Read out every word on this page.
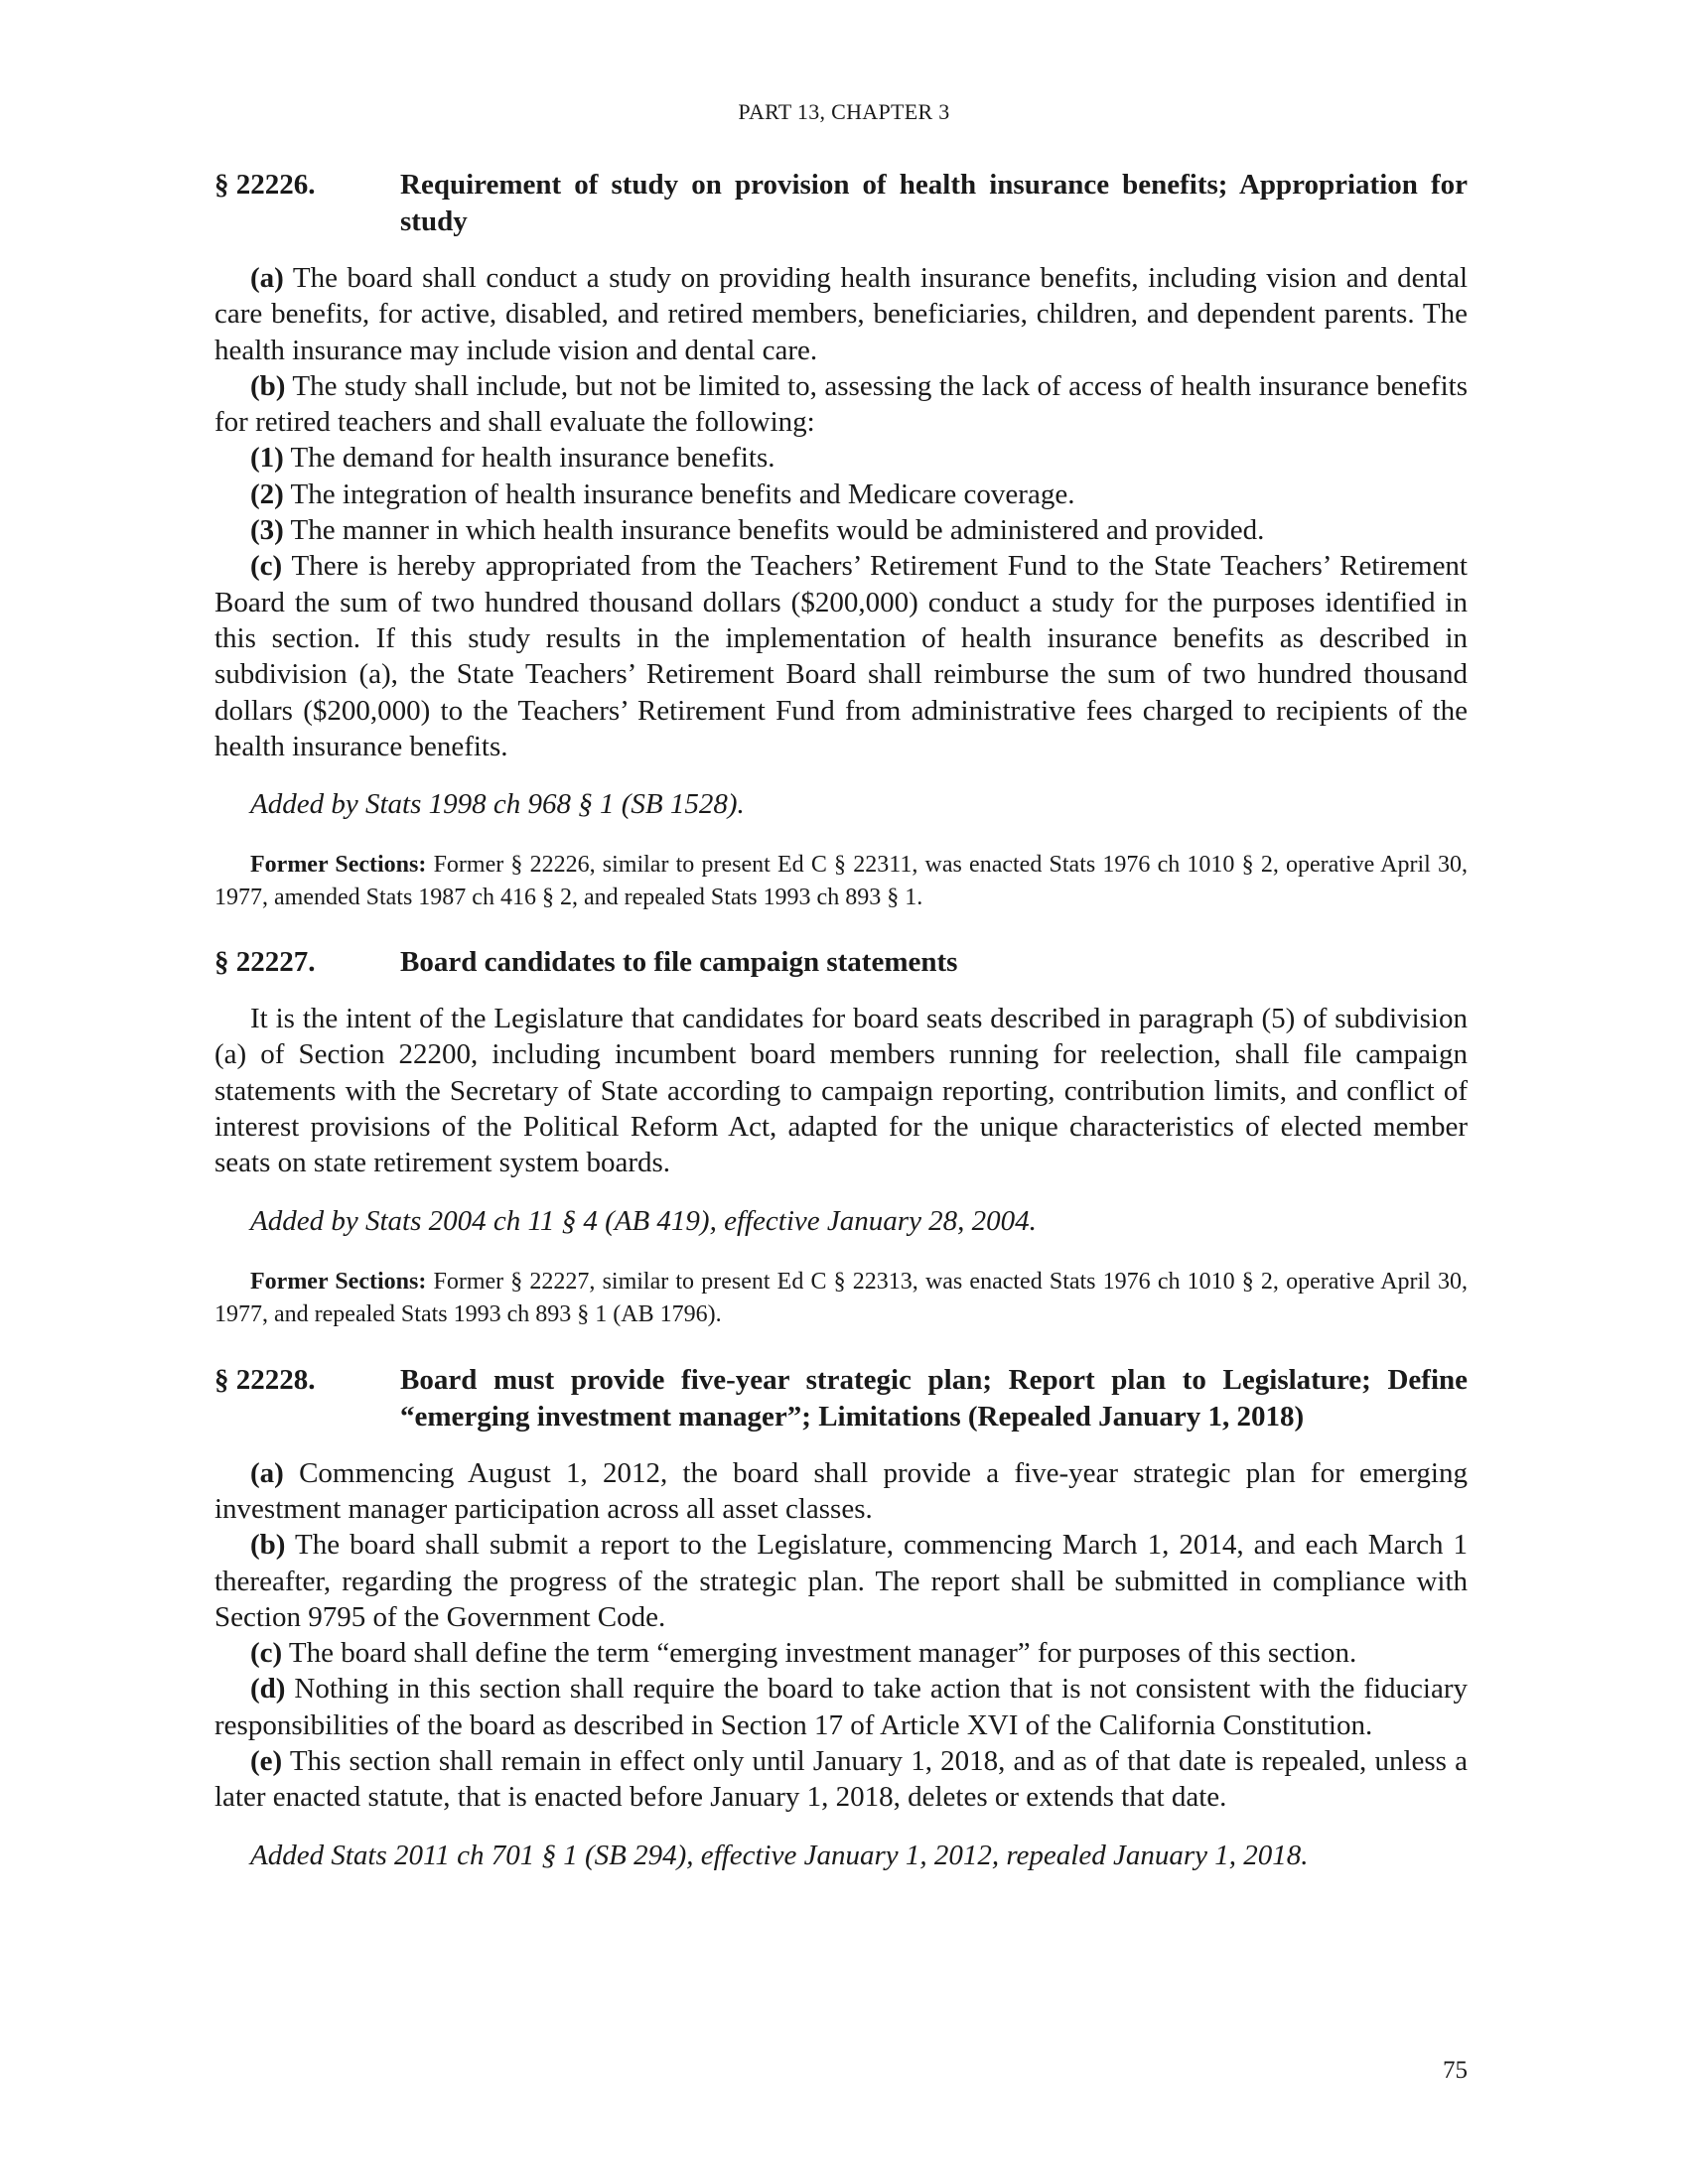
PART 13, CHAPTER 3
§ 22226.	Requirement of study on provision of health insurance benefits; Appropriation for study

(a) The board shall conduct a study on providing health insurance benefits, including vision and dental care benefits, for active, disabled, and retired members, beneficiaries, children, and dependent parents. The health insurance may include vision and dental care.

(b) The study shall include, but not be limited to, assessing the lack of access of health insurance benefits for retired teachers and shall evaluate the following:

(1) The demand for health insurance benefits.

(2) The integration of health insurance benefits and Medicare coverage.

(3) The manner in which health insurance benefits would be administered and provided.

(c) There is hereby appropriated from the Teachers’ Retirement Fund to the State Teachers’ Retirement Board the sum of two hundred thousand dollars ($200,000) conduct a study for the purposes identified in this section. If this study results in the implementation of health insurance benefits as described in subdivision (a), the State Teachers’ Retirement Board shall reimburse the sum of two hundred thousand dollars ($200,000) to the Teachers’ Retirement Fund from administrative fees charged to recipients of the health insurance benefits.

Added by Stats 1998 ch 968 § 1 (SB 1528).
Former Sections: Former § 22226, similar to present Ed C § 22311, was enacted Stats 1976 ch 1010 § 2, operative April 30, 1977, amended Stats 1987 ch 416 § 2, and repealed Stats 1993 ch 893 § 1.
§ 22227.	Board candidates to file campaign statements

It is the intent of the Legislature that candidates for board seats described in paragraph (5) of subdivision (a) of Section 22200, including incumbent board members running for reelection, shall file campaign statements with the Secretary of State according to campaign reporting, contribution limits, and conflict of interest provisions of the Political Reform Act, adapted for the unique characteristics of elected member seats on state retirement system boards.

Added by Stats 2004 ch 11 § 4 (AB 419), effective January 28, 2004.
Former Sections: Former § 22227, similar to present Ed C § 22313, was enacted Stats 1976 ch 1010 § 2, operative April 30, 1977, and repealed Stats 1993 ch 893 § 1 (AB 1796).
§ 22228.	Board must provide five-year strategic plan; Report plan to Legislature; Define “emerging investment manager”; Limitations (Repealed January 1, 2018)

(a) Commencing August 1, 2012, the board shall provide a five-year strategic plan for emerging investment manager participation across all asset classes.

(b) The board shall submit a report to the Legislature, commencing March 1, 2014, and each March 1 thereafter, regarding the progress of the strategic plan. The report shall be submitted in compliance with Section 9795 of the Government Code.

(c) The board shall define the term “emerging investment manager” for purposes of this section.

(d) Nothing in this section shall require the board to take action that is not consistent with the fiduciary responsibilities of the board as described in Section 17 of Article XVI of the California Constitution.

(e) This section shall remain in effect only until January 1, 2018, and as of that date is repealed, unless a later enacted statute, that is enacted before January 1, 2018, deletes or extends that date.

Added Stats 2011 ch 701 § 1 (SB 294), effective January 1, 2012, repealed January 1, 2018.
75
